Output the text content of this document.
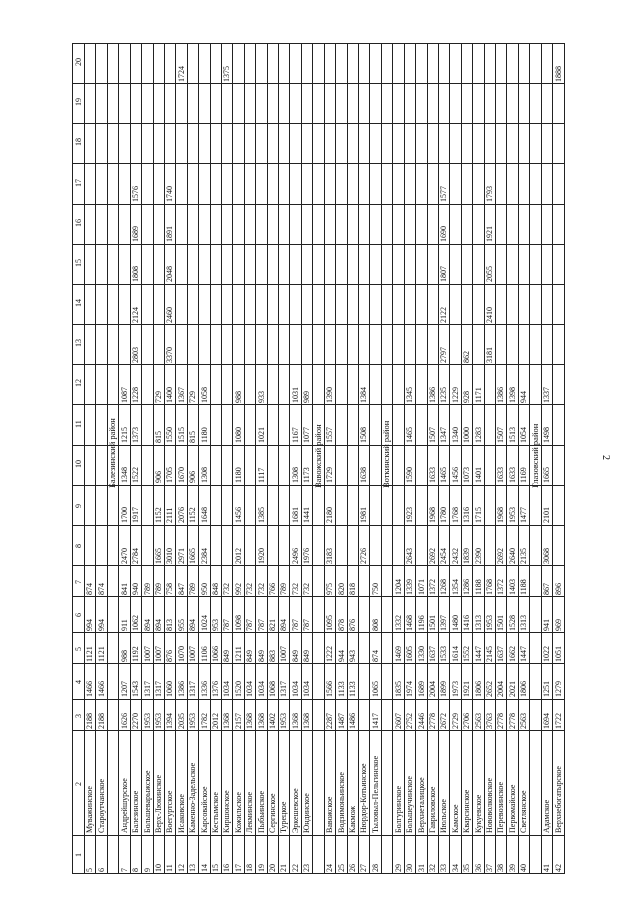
2
1
2
3
4
5
6
7
8
9
10
11
12
13
14
15
16
17
18
19
20
5
Муважинское
2188
1466
1121
994
874
6
Староутчанское
2188
1466
1121
994
874
Балезинский район
7
Андрейшурское
1626
1207
988
911
841
2470
1700
1348
1215
1087
8
Балезинское
2270
1543
1192
1062
940
2784
1917
1522
1373
1228
2803
2124
1808
1689
1576
9
Большеварыжское
1953
1317
1007
894
789
10
Верх-Люкинское
1953
1317
1007
894
789
1665
1152
906
815
729
11
Воегуртское
1394
1060
876
813
758
3010
2111
1705
1550
1400
3370
2460
2048
1891
1740
12
Исаковское
2035
1386
1070
955
847
2971
2076
1670
1515
1367
1724
13
Каменно-Задельское
1953
1317
1007
894
789
1665
1152
906
815
729
14
Карсовайское
1782
1336
1106
1024
950
2384
1648
1308
1180
1058
15
Кестымское
2012
1376
1066
953
848
16
Киршонское
1368
1034
849
787
732
1375
17
Кожильское
2157
1520
1211
1098
992
2012
1456
1180
1080
988
18
Лекминское
1368
1034
849
787
732
19
Пыбьинское
1368
1034
849
787
732
1920
1385
1117
1021
933
20
Сергинское
1402
1068
883
821
766
21
Турецкое
1953
1317
1007
894
789
22
Эркешевское
1368
1034
849
787
732
2496
1681
1308
1167
1031
23
Юндинское
1368
1034
849
787
732
1976
1441
1173
1077
989
Вавожский район
24
Вавожское
2287
1566
1222
1095
975
3183
2180
1729
1557
1390
25
Водзимоньинское
1487
1133
944
878
820
26
Какмож
1486
1133
943
876
818
27
Нюрдор-Котьинское
2726
1981
1638
1508
1384
28
Тыловыл-Пельгинское
1417
1065
874
808
750
Воткинский район
29
Болгуринское
2607
1835
1469
1332
1204
30
Большеучинское
2752
1974
1605
1468
1339
2643
1923
1590
1465
1345
31
Верхнеталицкое
2446
1689
1330
1196
1071
32
Гавриловское
2778
2004
1637
1501
1372
2692
1968
1633
1507
1386
33
Июльское
2672
1899
1533
1397
1268
2454
1780
1465
1347
1235
2797
2122
1807
1690
1577
34
Камское
2729
1973
1614
1480
1354
2432
1768
1456
1340
1229
35
Кварсинское
2706
1921
1552
1416
1286
1839
1316
1073
1000
928
862
36
Кукуевское
2563
1806
1447
1313
1188
2390
1715
1401
1283
1171
37
Нововолковское
3763
2652
2145
1953
1768
3181
2410
2055
1921
1793
38
Перевозинское
2778
2004
1637
1501
1372
2692
1968
1633
1507
1386
39
Первомайское
2778
2021
1662
1528
1403
2640
1953
1633
1513
1398
40
Светлянское
2563
1806
1447
1313
1188
2135
1477
1169
1054
944
Глазовский район
41
Адамское
1694
1251
1022
941
867
3068
2101
1665
1498
1337
42
Верхнебогатырское
1722
1279
1051
969
896
1888
